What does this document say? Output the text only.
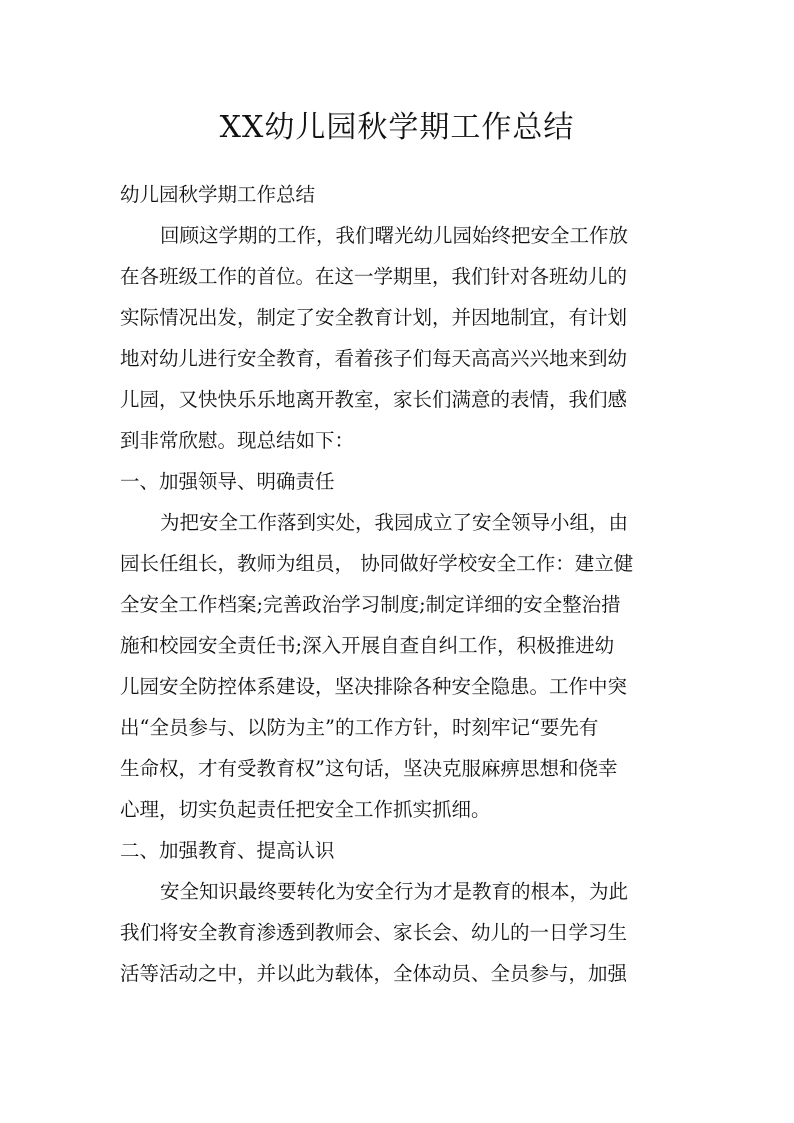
XX幼儿园秋学期工作总结
幼儿园秋学期工作总结
回顾这学期的工作，我们曙光幼儿园始终把安全工作放
在各班级工作的首位。在这一学期里，我们针对各班幼儿的
实际情况出发，制定了安全教育计划，并因地制宜，有计划
地对幼儿进行安全教育，看着孩子们每天高高兴兴地来到幼
儿园，又快快乐乐地离开教室，家长们满意的表情，我们感
到非常欣慰。现总结如下：
一、加强领导、明确责任
为把安全工作落到实处，我园成立了安全领导小组，由
园长任组长，教师为组员， 协同做好学校安全工作：建立健
全安全工作档案;完善政治学习制度;制定详细的安全整治措
施和校园安全责任书;深入开展自查自纠工作，积极推进幼
儿园安全防控体系建设，坚决排除各种安全隐患。工作中突
出“全员参与、以防为主”的工作方针，时刻牢记“要先有
生命权，才有受教育权”这句话，坚决克服麻痹思想和侥幸
心理，切实负起责任把安全工作抓实抓细。
二、加强教育、提高认识
安全知识最终要转化为安全行为才是教育的根本，为此
我们将安全教育渗透到教师会、家长会、幼儿的一日学习生
活等活动之中，并以此为载体，全体动员、全员参与，加强
